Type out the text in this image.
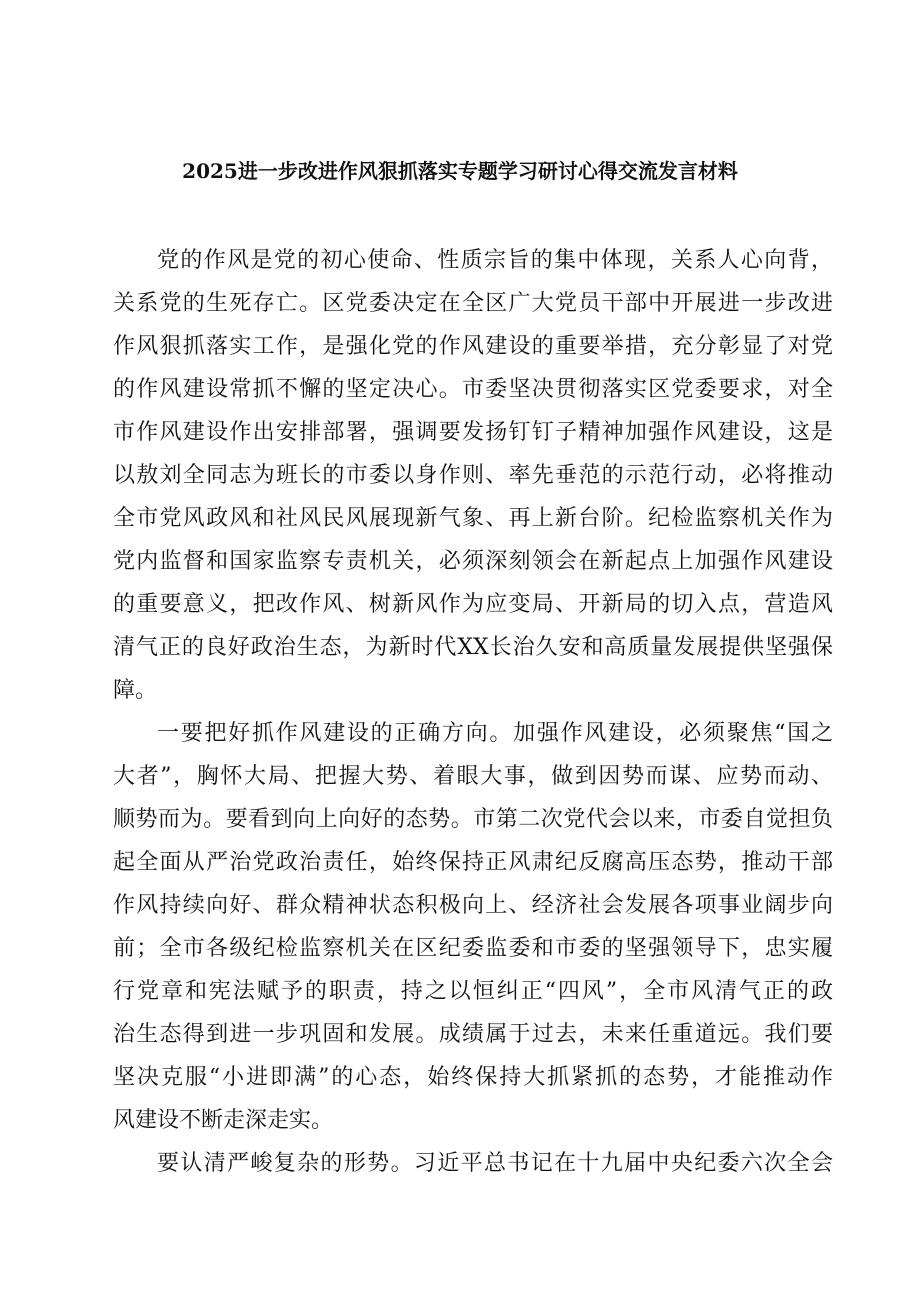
2025进一步改进作风狠抓落实专题学习研讨心得交流发言材料
党的作风是党的初心使命、性质宗旨的集中体现，关系人心向背，
关系党的生死存亡。区党委决定在全区广大党员干部中开展进一步改进
作风狠抓落实工作，是强化党的作风建设的重要举措，充分彰显了对党
的作风建设常抓不懈的坚定决心。市委坚决贯彻落实区党委要求，对全
市作风建设作出安排部署，强调要发扬钉钉子精神加强作风建设，这是
以敖刘全同志为班长的市委以身作则、率先垂范的示范行动，必将推动
全市党风政风和社风民风展现新气象、再上新台阶。纪检监察机关作为
党内监督和国家监察专责机关，必须深刻领会在新起点上加强作风建设
的重要意义，把改作风、树新风作为应变局、开新局的切入点，营造风
清气正的良好政治生态，为新时代XX长治久安和高质量发展提供坚强保
障。
一要把好抓作风建设的正确方向。加强作风建设，必须聚焦“国之
大者”，胸怀大局、把握大势、着眼大事，做到因势而谋、应势而动、
顺势而为。要看到向上向好的态势。市第二次党代会以来，市委自觉担负
起全面从严治党政治责任，始终保持正风肃纪反腐高压态势，推动干部
作风持续向好、群众精神状态积极向上、经济社会发展各项事业阔步向
前；全市各级纪检监察机关在区纪委监委和市委的坚强领导下，忠实履
行党章和宪法赋予的职责，持之以恒纠正“四风”，全市风清气正的政
治生态得到进一步巩固和发展。成绩属于过去，未来任重道远。我们要
坚决克服“小进即满”的心态，始终保持大抓紧抓的态势，才能推动作
风建设不断走深走实。
要认清严峻复杂的形势。习近平总书记在十九届中央纪委六次全会
